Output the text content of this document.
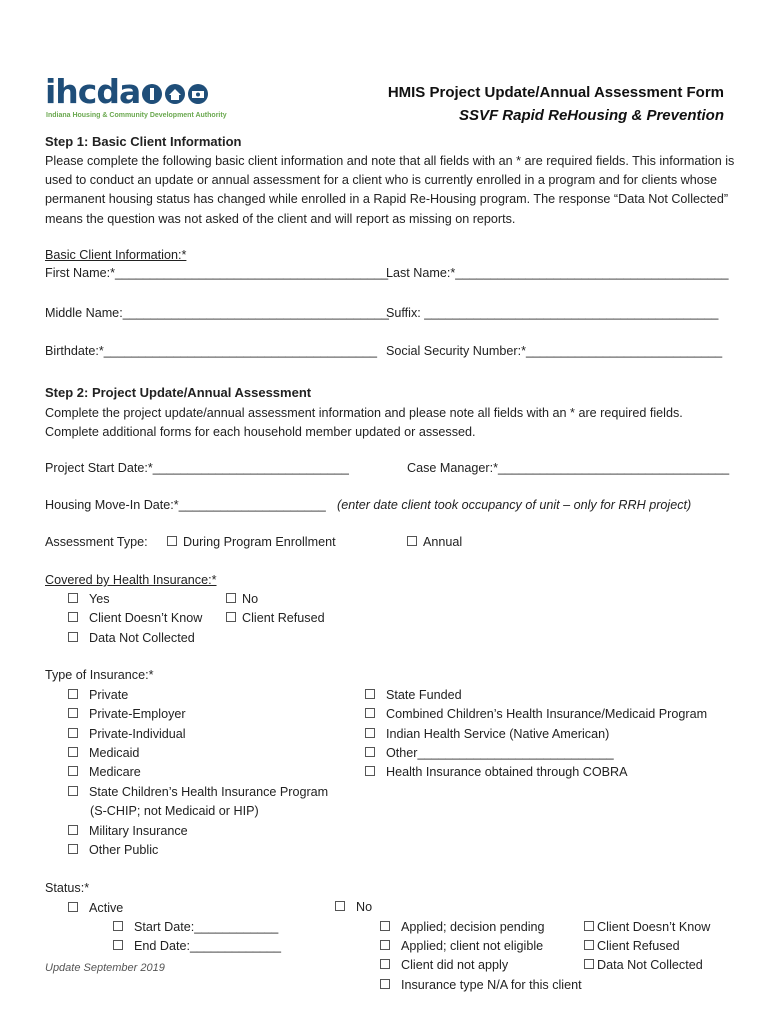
ihcda
Indiana Housing & Community Development Authority
HMIS Project Update/Annual Assessment Form
SSVF Rapid ReHousing & Prevention
Step 1: Basic Client Information
Please complete the following basic client information and note that all fields with an * are required fields. This information is used to conduct an update or annual assessment for a client who is currently enrolled in a program and for clients whose permanent housing status has changed while enrolled in a Rapid Re-Housing program. The response “Data Not Collected” means the question was not asked of the client and will report as missing on reports.
Basic Client Information:*
First Name:*_______________________________________
Last Name:*_______________________________________
Middle Name:______________________________________
Suffix: __________________________________________
Birthdate:*_______________________________________ Social Security Number:*____________________________
Step 2: Project Update/Annual Assessment
Complete the project update/annual assessment information and please note all fields with an * are required fields. Complete additional forms for each household member updated or assessed.
Project Start Date:*____________________________	Case Manager:*_________________________________
Housing Move-In Date:*_____________________ (enter date client took occupancy of unit – only for RRH project)
Assessment Type:	During Program Enrollment	Annual
Covered by Health Insurance:*
Yes	No
Client Doesn’t Know	Client Refused
Data Not Collected
Type of Insurance:*
Private
Private-Employer
Private-Individual
Medicaid
Medicare
State Children’s Health Insurance Program
(S-CHIP; not Medicaid or HIP)
Military Insurance
Other Public
State Funded
Combined Children’s Health Insurance/Medicaid Program
Indian Health Service (Native American)
Other____________________________
Health Insurance obtained through COBRA
Status:*
Active	No
Start Date:____________
End Date:_____________
Applied; decision pending
Applied; client not eligible
Client did not apply
Insurance type N/A for this client
Client Doesn’t Know
Client Refused
Data Not Collected
Update September 2019
